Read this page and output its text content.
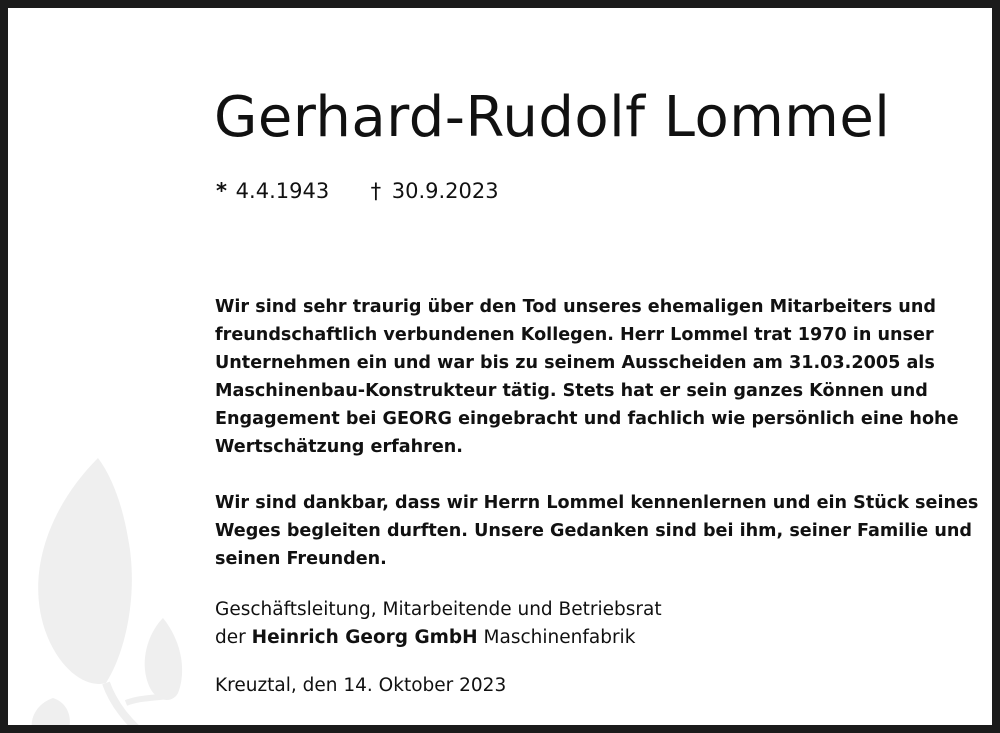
Gerhard-Rudolf Lommel
* 4.4.1943 † 30.9.2023

Wir sind sehr traurig über den Tod unseres ehemaligen Mitarbeiters und
freundschaftlich verbundenen Kollegen. Herr Lommel trat 1970 in unser
Unternehmen ein und war bis zu seinem Ausscheiden am 31.03.2005 als
Maschinenbau-Konstrukteur tätig. Stets hat er sein ganzes Können und
Engagement bei GEORG eingebracht und fachlich wie persönlich eine hohe
Wertschätzung erfahren.

Wir sind dankbar, dass wir Herrn Lommel kennenlernen und ein Stück seines
Weges begleiten durften. Unsere Gedanken sind bei ihm, seiner Familie und
seinen Freunden.

Geschäftsleitung, Mitarbeitende und Betriebsrat
der Heinrich Georg GmbH Maschinenfabrik
Kreuztal, den 14. Oktober 2023
